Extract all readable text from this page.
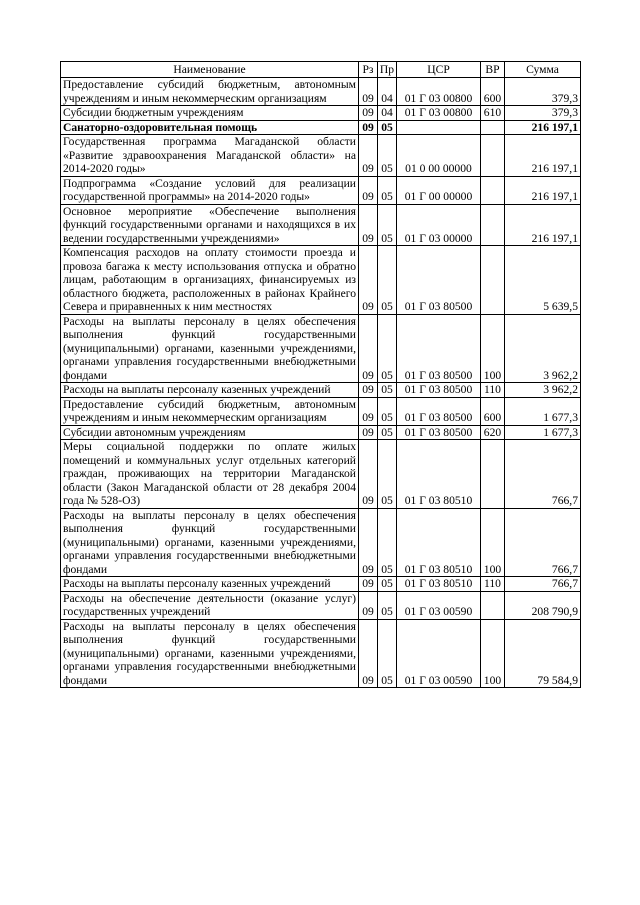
Наименование	Рз	Пр	ЦСР	ВР	Сумма
Предоставление субсидий бюджетным, автономным учреждениям и иным некоммерческим организациям	09	04	01 Г 03 00800	600	379,3
Субсидии бюджетным учреждениям	09	04	01 Г 03 00800	610	379,3
Санаторно-оздоровительная помощь	09	05			216 197,1
Государственная программа Магаданской области «Развитие здравоохранения Магаданской области» на 2014-2020 годы»	09	05	01 0 00 00000		216 197,1
Подпрограмма «Создание условий для реализации государственной программы» на 2014-2020 годы»	09	05	01 Г 00 00000		216 197,1
Основное мероприятие «Обеспечение выполнения функций государственными органами и находящихся в их ведении государственными учреждениями»	09	05	01 Г 03 00000		216 197,1
Компенсация расходов на оплату стоимости проезда и провоза багажа к месту использования отпуска и обратно лицам, работающим в организациях, финансируемых из областного бюджета, расположенных в районах Крайнего Севера и приравненных к ним местностях	09	05	01 Г 03 80500		5 639,5
Расходы на выплаты персоналу в целях обеспечения выполнения функций государственными (муниципальными) органами, казенными учреждениями, органами управления государственными внебюджетными фондами	09	05	01 Г 03 80500	100	3 962,2
Расходы на выплаты персоналу казенных учреждений	09	05	01 Г 03 80500	110	3 962,2
Предоставление субсидий бюджетным, автономным учреждениям и иным некоммерческим организациям	09	05	01 Г 03 80500	600	1 677,3
Субсидии автономным учреждениям	09	05	01 Г 03 80500	620	1 677,3
Меры социальной поддержки по оплате жилых помещений и коммунальных услуг отдельных категорий граждан, проживающих на территории Магаданской области (Закон Магаданской области от 28 декабря 2004 года № 528-ОЗ)	09	05	01 Г 03 80510		766,7
Расходы на выплаты персоналу в целях обеспечения выполнения функций государственными (муниципальными) органами, казенными учреждениями, органами управления государственными внебюджетными фондами	09	05	01 Г 03 80510	100	766,7
Расходы на выплаты персоналу казенных учреждений	09	05	01 Г 03 80510	110	766,7
Расходы на обеспечение деятельности (оказание услуг) государственных учреждений	09	05	01 Г 03 00590		208 790,9
Расходы на выплаты персоналу в целях обеспечения выполнения функций государственными (муниципальными) органами, казенными учреждениями, органами управления государственными внебюджетными фондами	09	05	01 Г 03 00590	100	79 584,9
